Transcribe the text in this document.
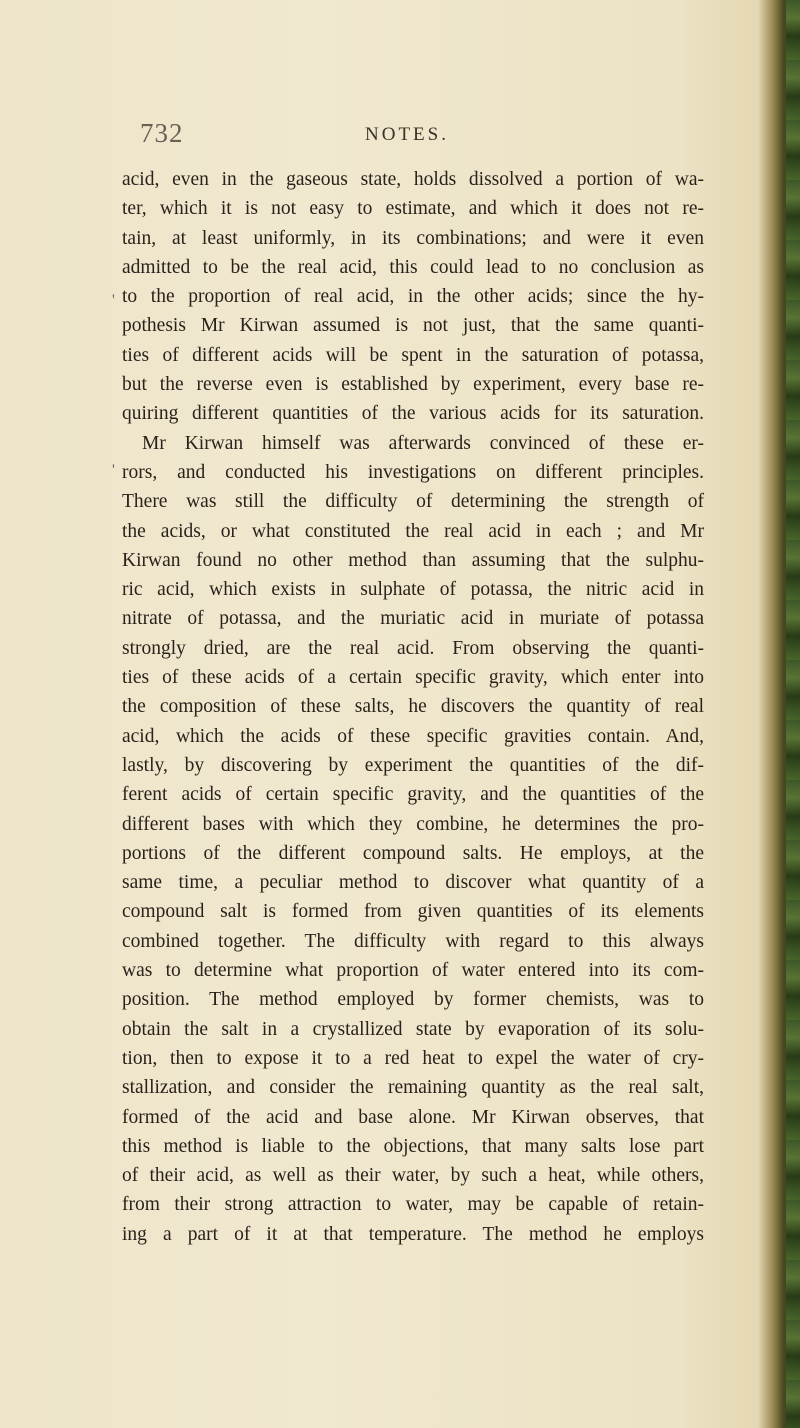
732	NOTES.
'
'
acid, even in the gaseous state, holds dissolved a portion of wa-
ter, which it is not easy to estimate, and which it does not re-
tain, at least uniformly, in its combinations; and were it even
admitted to be the real acid, this could lead to no conclusion as
to the proportion of real acid, in the other acids; since the hy-
pothesis Mr Kirwan assumed is not just, that the same quanti-
ties of different acids will be spent in the saturation of potassa,
but the reverse even is established by experiment, every base re-
quiring different quantities of the various acids for its saturation.
Mr Kirwan himself was afterwards convinced of these er-
rors, and conducted his investigations on different principles.
There was still the difficulty of determining the strength of
the acids, or what constituted the real acid in each ; and Mr
Kirwan found no other method than assuming that the sulphu-
ric acid, which exists in sulphate of potassa, the nitric acid in
nitrate of potassa, and the muriatic acid in muriate of potassa
strongly dried, are the real acid. From observing the quanti-
ties of these acids of a certain specific gravity, which enter into
the composition of these salts, he discovers the quantity of real
acid, which the acids of these specific gravities contain. And,
lastly, by discovering by experiment the quantities of the dif-
ferent acids of certain specific gravity, and the quantities of the
different bases with which they combine, he determines the pro-
portions of the different compound salts. He employs, at the
same time, a peculiar method to discover what quantity of a
compound salt is formed from given quantities of its elements
combined together. The difficulty with regard to this always
was to determine what proportion of water entered into its com-
position. The method employed by former chemists, was to
obtain the salt in a crystallized state by evaporation of its solu-
tion, then to expose it to a red heat to expel the water of cry-
stallization, and consider the remaining quantity as the real salt,
formed of the acid and base alone. Mr Kirwan observes, that
this method is liable to the objections, that many salts lose part
of their acid, as well as their water, by such a heat, while others,
from their strong attraction to water, may be capable of retain-
ing a part of it at that temperature. The method he employs
